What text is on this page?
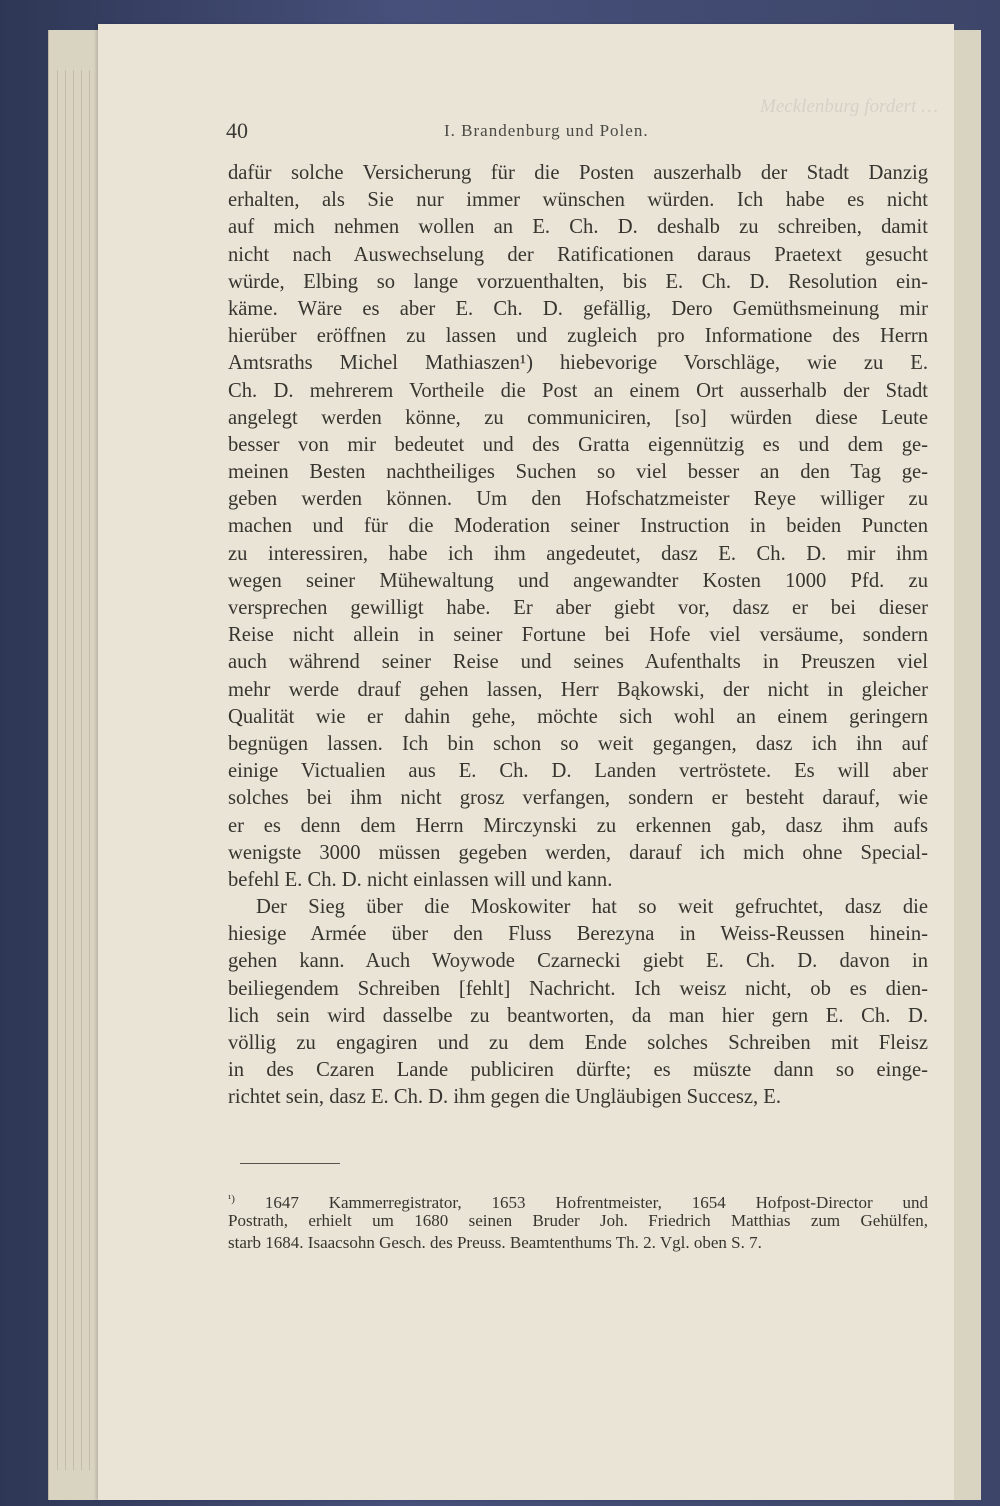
Mecklenburg fordert …
40	I. Brandenburg und Polen.
dafür solche Versicherung für die Posten auszerhalb der Stadt Danzig
erhalten, als Sie nur immer wünschen würden. Ich habe es nicht
auf mich nehmen wollen an E. Ch. D. deshalb zu schreiben, damit
nicht nach Auswechselung der Ratificationen daraus Praetext gesucht
würde, Elbing so lange vorzuenthalten, bis E. Ch. D. Resolution ein-
käme. Wäre es aber E. Ch. D. gefällig, Dero Gemüthsmeinung mir
hierüber eröffnen zu lassen und zugleich pro Informatione des Herrn
Amtsraths Michel Mathiaszen¹) hiebevorige Vorschläge, wie zu E.
Ch. D. mehrerem Vortheile die Post an einem Ort ausserhalb der Stadt
angelegt werden könne, zu communiciren, [so] würden diese Leute
besser von mir bedeutet und des Gratta eigennützig es und dem ge-
meinen Besten nachtheiliges Suchen so viel besser an den Tag ge-
geben werden können. Um den Hofschatzmeister Reye williger zu
machen und für die Moderation seiner Instruction in beiden Puncten
zu interessiren, habe ich ihm angedeutet, dasz E. Ch. D. mir ihm
wegen seiner Mühewaltung und angewandter Kosten 1000 Pfd. zu
versprechen gewilligt habe. Er aber giebt vor, dasz er bei dieser
Reise nicht allein in seiner Fortune bei Hofe viel versäume, sondern
auch während seiner Reise und seines Aufenthalts in Preuszen viel
mehr werde drauf gehen lassen, Herr Bąkowski, der nicht in gleicher
Qualität wie er dahin gehe, möchte sich wohl an einem geringern
begnügen lassen. Ich bin schon so weit gegangen, dasz ich ihn auf
einige Victualien aus E. Ch. D. Landen vertröstete. Es will aber
solches bei ihm nicht grosz verfangen, sondern er besteht darauf, wie
er es denn dem Herrn Mirczynski zu erkennen gab, dasz ihm aufs
wenigste 3000 müssen gegeben werden, darauf ich mich ohne Special-
befehl E. Ch. D. nicht einlassen will und kann.
Der Sieg über die Moskowiter hat so weit gefruchtet, dasz die
hiesige Armée über den Fluss Berezyna in Weiss-Reussen hinein-
gehen kann. Auch Woywode Czarnecki giebt E. Ch. D. davon in
beiliegendem Schreiben [fehlt] Nachricht. Ich weisz nicht, ob es dien-
lich sein wird dasselbe zu beantworten, da man hier gern E. Ch. D.
völlig zu engagiren und zu dem Ende solches Schreiben mit Fleisz
in des Czaren Lande publiciren dürfte; es müszte dann so einge-
richtet sein, dasz E. Ch. D. ihm gegen die Ungläubigen Succesz, E.
$^{^1)}$ 1647 Kammerregistrator, 1653 Hofrentmeister, 1654 Hofpost-Director und
Postrath, erhielt um 1680 seinen Bruder Joh. Friedrich Matthias zum Gehülfen,
starb 1684. Isaacsohn Gesch. des Preuss. Beamtenthums Th. 2. Vgl. oben S. 7.
